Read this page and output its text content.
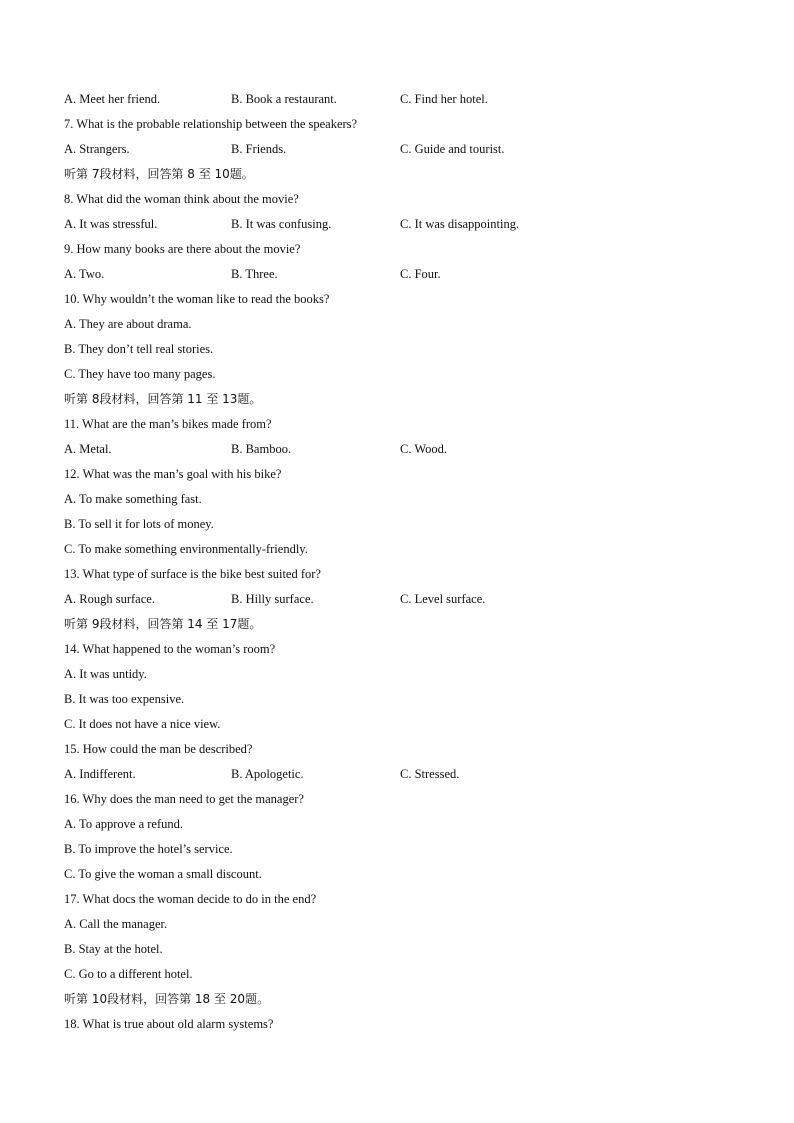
A. Meet her friend.	B. Book a restaurant.	C. Find her hotel.
7. What is the probable relationship between the speakers?
A. Strangers.	B. Friends.	C. Guide and tourist.
听第 7段材料，回答第 8 至 10题。
8. What did the woman think about the movie?
A. It was stressful.	B. It was confusing.	C. It was disappointing.
9. How many books are there about the movie?
A. Two.	B. Three.	C. Four.
10. Why wouldn’t the woman like to read the books?
A. They are about drama.
B. They don’t tell real stories.
C. They have too many pages.
听第 8段材料，回答第 11 至 13题。
11. What are the man’s bikes made from?
A. Metal.	B. Bamboo.	C. Wood.
12. What was the man’s goal with his bike?
A. To make something fast.
B. To sell it for lots of money.
C. To make something environmentally-friendly.
13. What type of surface is the bike best suited for?
A. Rough surface.	B. Hilly surface.	C. Level surface.
听第 9段材料，回答第 14 至 17题。
14. What happened to the woman’s room?
A. It was untidy.
B. It was too expensive.
C. It does not have a nice view.
15. How could the man be described?
A. Indifferent.	B. Apologetic.	C. Stressed.
16. Why does the man need to get the manager?
A. To approve a refund.
B. To improve the hotel’s service.
C. To give the woman a small discount.
17. What docs the woman decide to do in the end?
A. Call the manager.
B. Stay at the hotel.
C. Go to a different hotel.
听第 10段材料，回答第 18 至 20题。
18. What is true about old alarm systems?
